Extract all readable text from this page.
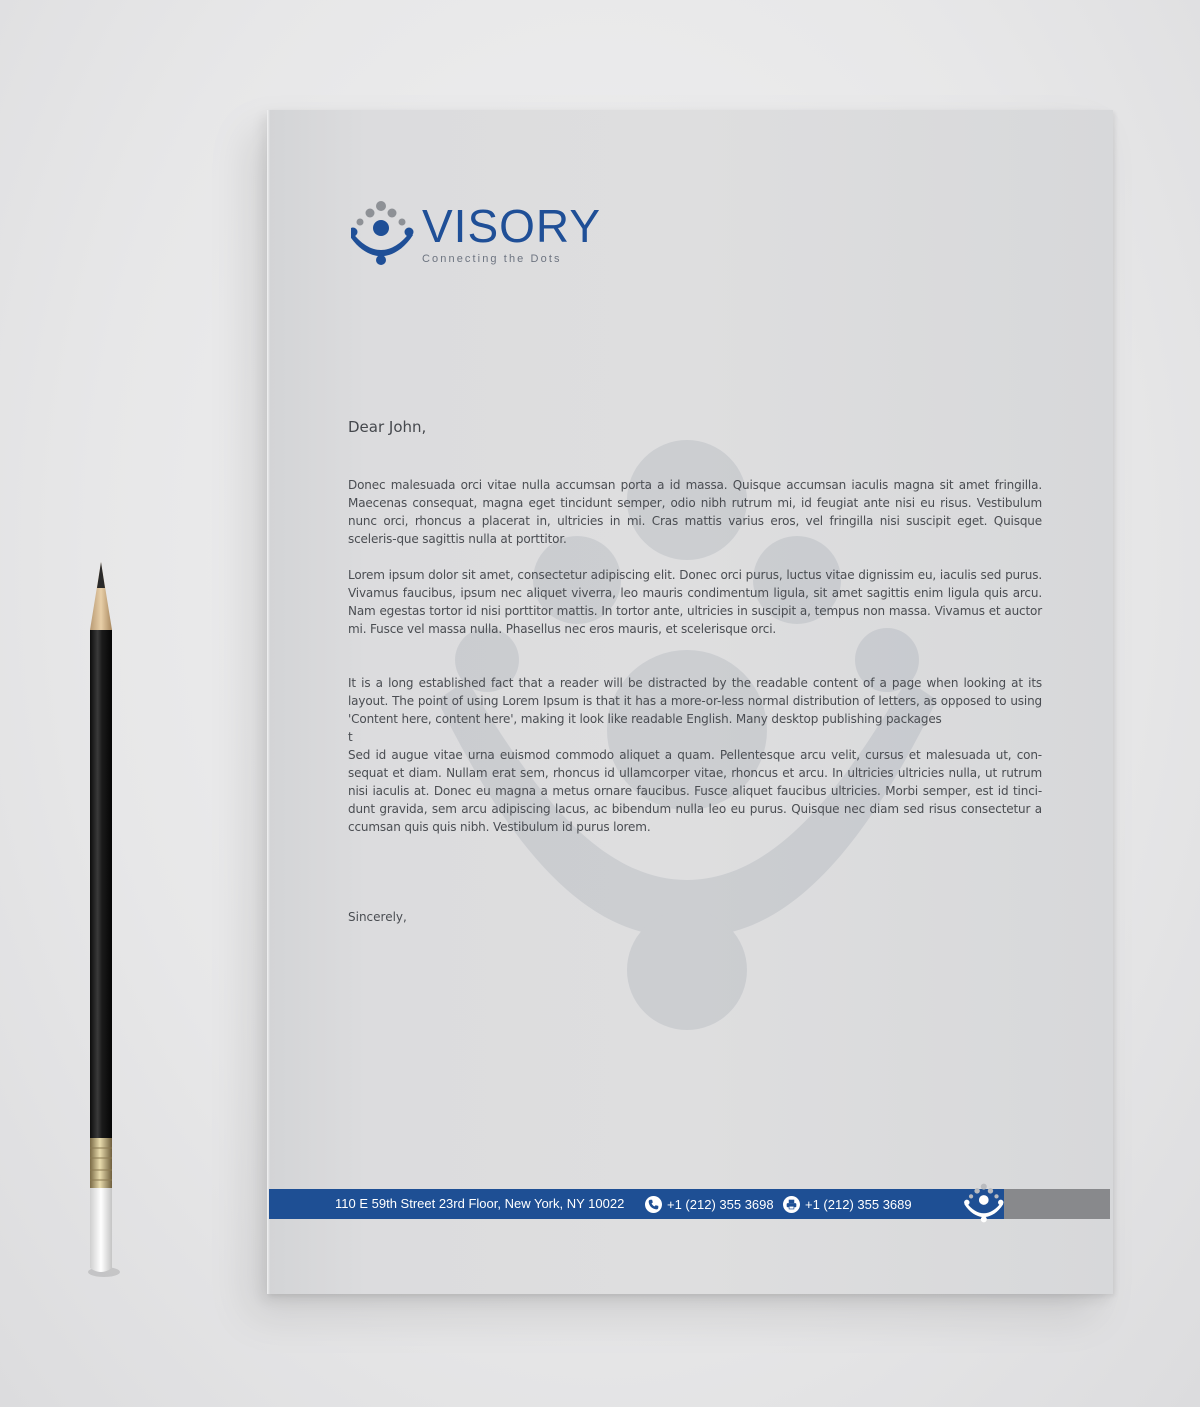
VISORY
Connecting the Dots
Dear John,

Donec malesuada orci vitae nulla accumsan porta a id massa. Quisque accumsan iaculis magna sit amet fringilla. Maecenas consequat, magna eget tincidunt semper, odio nibh rutrum mi, id feugiat ante nisi eu risus. Vestibulum nunc orci, rhoncus a placerat in, ultricies in mi. Cras mattis varius eros, vel fringilla nisi suscipit eget. Quisque sceleris-que sagittis nulla at porttitor.

Lorem ipsum dolor sit amet, consectetur adipiscing elit. Donec orci purus, luctus vitae dignissim eu, iaculis sed purus. Vivamus faucibus, ipsum nec aliquet viverra, leo mauris condimentum ligula, sit amet sagittis enim ligula quis arcu. Nam egestas tortor id nisi porttitor mattis. In tortor ante, ultricies in suscipit a, tempus non massa. Vivamus et auctor mi. Fusce vel massa nulla. Phasellus nec eros mauris, et scelerisque orci.

It is a long established fact that a reader will be distracted by the readable content of a page when looking at its layout. The point of using Lorem Ipsum is that it has a more-or-less normal distribution of letters, as opposed to using 'Content here, content here', making it look like readable English. Many desktop publishing packages
t
Sed id augue vitae urna euismod commodo aliquet a quam. Pellentesque arcu velit, cursus et malesuada ut, con-sequat et diam. Nullam erat sem, rhoncus id ullamcorper vitae, rhoncus et arcu. In ultricies ultricies nulla, ut rutrum nisi iaculis at. Donec eu magna a metus ornare faucibus. Fusce aliquet faucibus ultricies. Morbi semper, est id tinci-dunt gravida, sem arcu adipiscing lacus, ac bibendum nulla leo eu purus. Quisque nec diam sed risus consectetur a ccumsan quis quis nibh. Vestibulum id purus lorem.

Sincerely,
110 E 59th Street 23rd Floor, New York, NY 10022	+1 (212) 355 3698 +1 (212) 355 3689
